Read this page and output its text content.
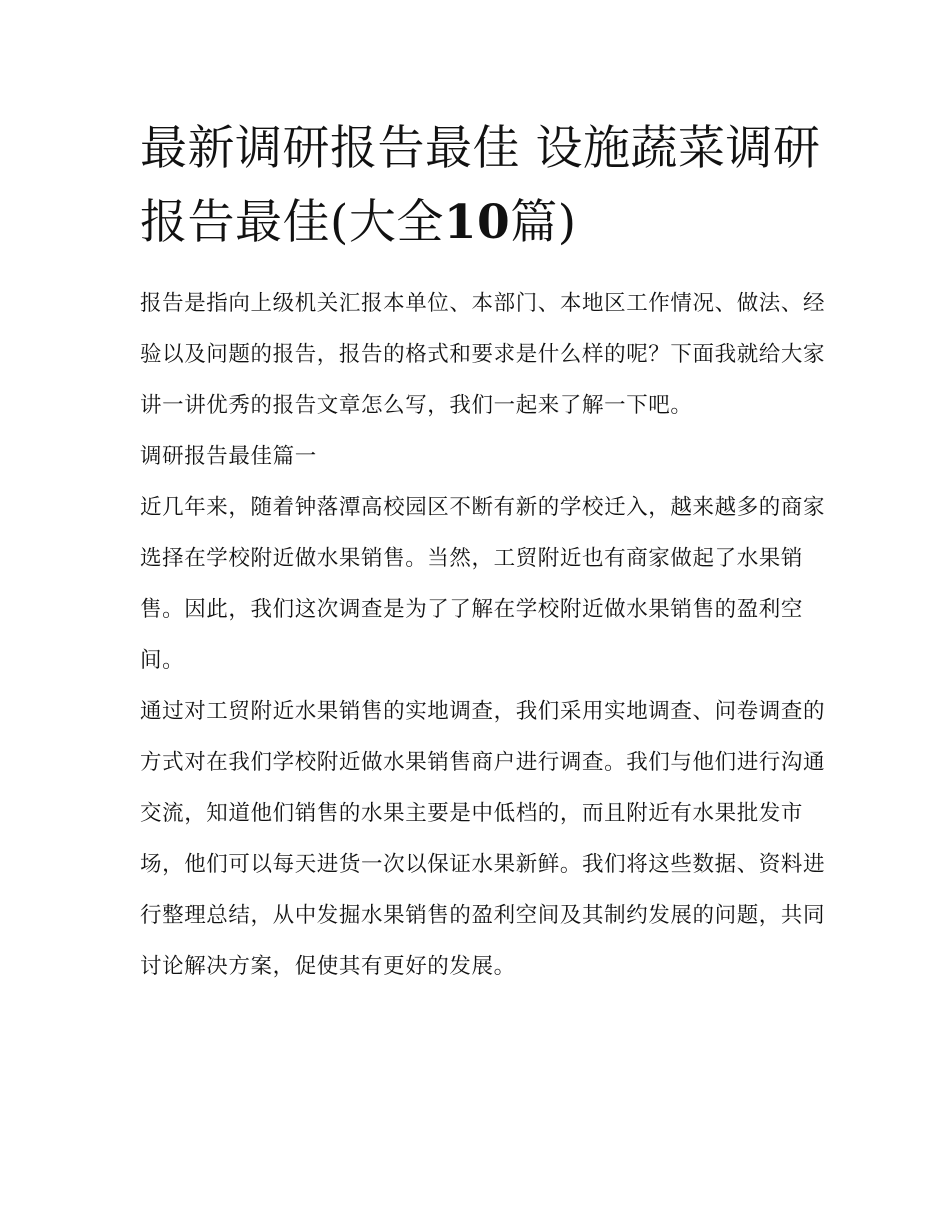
最新调研报告最佳 设施蔬菜调研报告最佳(大全10篇)

报告是指向上级机关汇报本单位、本部门、本地区工作情况、做法、经验以及问题的报告，报告的格式和要求是什么样的呢？下面我就给大家讲一讲优秀的报告文章怎么写，我们一起来了解一下吧。

调研报告最佳篇一

近几年来，随着钟落潭高校园区不断有新的学校迁入，越来越多的商家选择在学校附近做水果销售。当然，工贸附近也有商家做起了水果销售。因此，我们这次调查是为了了解在学校附近做水果销售的盈利空间。

通过对工贸附近水果销售的实地调查，我们采用实地调查、问卷调查的方式对在我们学校附近做水果销售商户进行调查。我们与他们进行沟通交流，知道他们销售的水果主要是中低档的，而且附近有水果批发市场，他们可以每天进货一次以保证水果新鲜。我们将这些数据、资料进行整理总结，从中发掘水果销售的盈利空间及其制约发展的问题，共同讨论解决方案，促使其有更好的发展。
